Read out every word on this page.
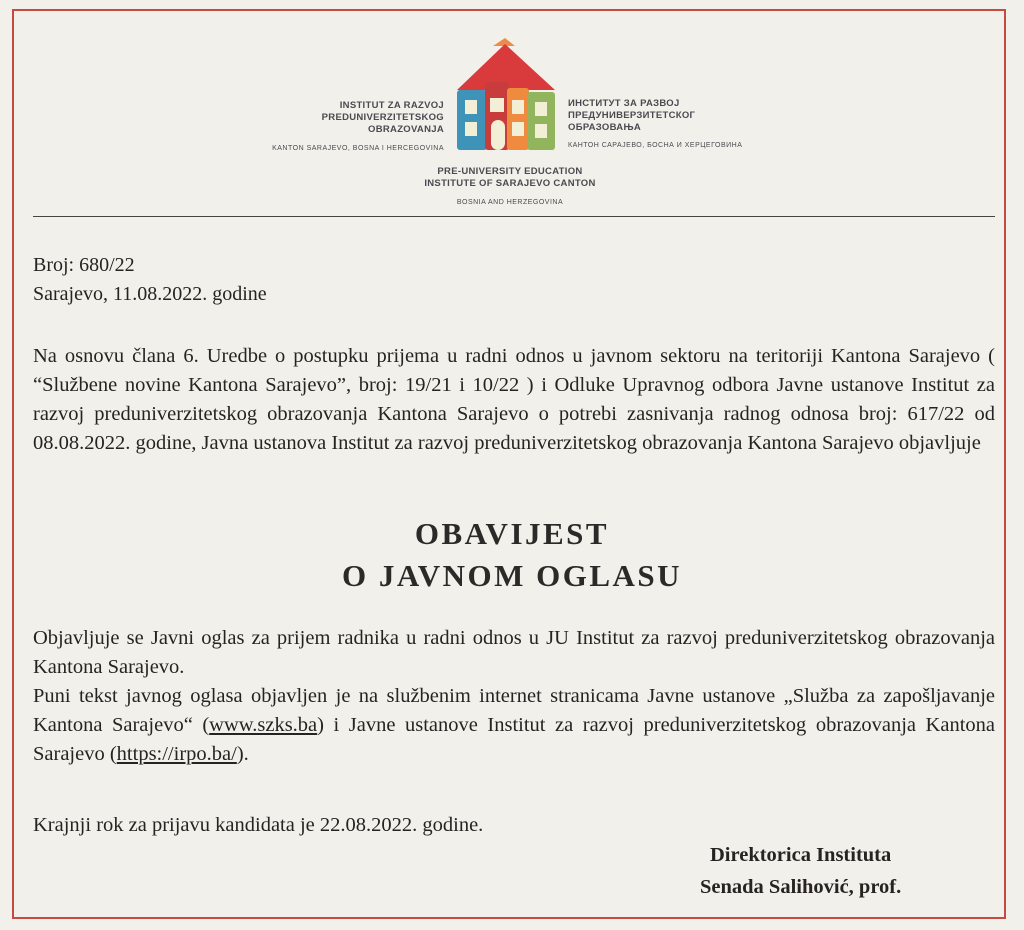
INSTITUT ZA RAZVOJ
PREDUNIVERZITETSKOG
OBRAZOVANJA
KANTON SARAJEVO, BOSNA I HERCEGOVINA
ИНСТИТУТ ЗА РАЗВОЈ
ПРЕДУНИВЕРЗИТЕТСКОГ
ОБРАЗОВАЊА
КАНТОН САРАЈЕВО, БОСНА И ХЕРЦЕГОВИНА
PRE-UNIVERSITY EDUCATION
INSTITUTE OF SARAJEVO CANTON
BOSNIA AND HERZEGOVINA
Broj: 680/22
Sarajevo, 11.08.2022. godine
Na osnovu člana 6. Uredbe o postupku prijema u radni odnos u javnom sektoru na teritoriji Kantona Sarajevo ( “Službene novine Kantona Sarajevo”, broj: 19/21 i 10/22 ) i Odluke Upravnog odbora Javne ustanove Institut za razvoj preduniverzitetskog obrazovanja Kantona Sarajevo o potrebi zasnivanja radnog odnosa broj: 617/22 od 08.08.2022. godine, Javna ustanova Institut za razvoj preduniverzitetskog obrazovanja Kantona Sarajevo objavljuje
OBAVIJEST
O JAVNOM OGLASU
Objavljuje se Javni oglas za prijem radnika u radni odnos u JU Institut za razvoj preduniverzitetskog obrazovanja Kantona Sarajevo.
Puni tekst javnog oglasa objavljen je na službenim internet stranicama Javne ustanove „Služba za zapošljavanje Kantona Sarajevo“ (www.szks.ba) i Javne ustanove Institut za razvoj preduniverzitetskog obrazovanja Kantona Sarajevo (https://irpo.ba/).
Krajnji rok za prijavu kandidata je 22.08.2022. godine.
Direktorica Instituta
Senada Salihović, prof.
